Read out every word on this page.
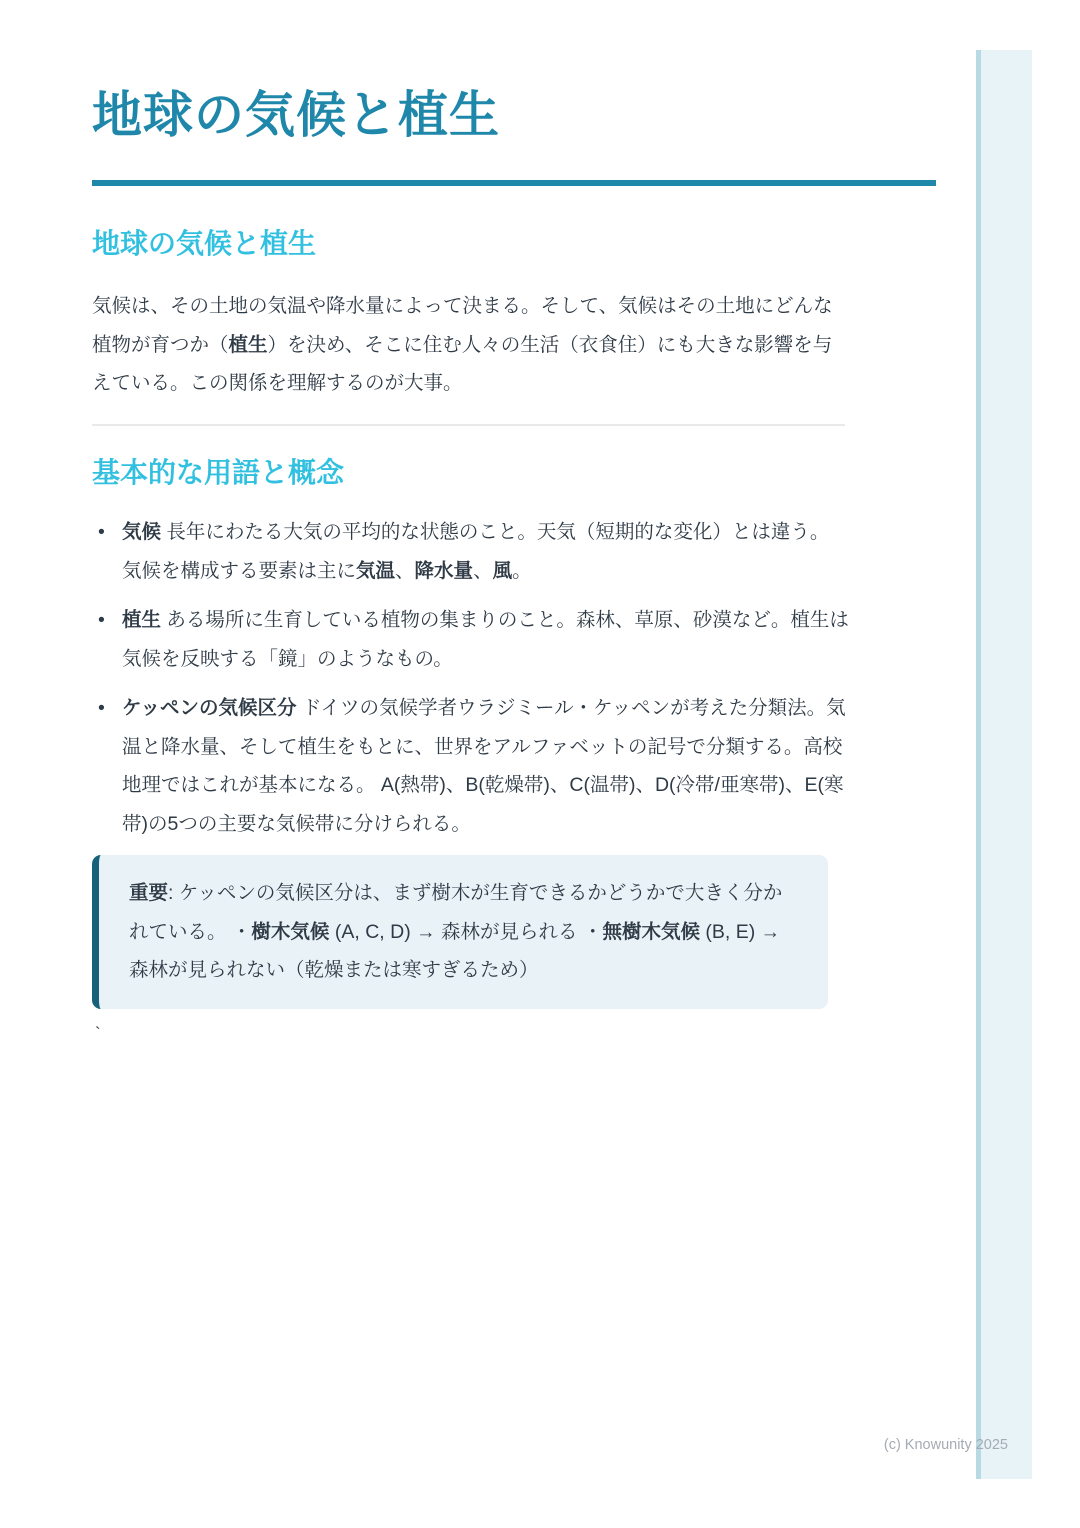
地球の気候と植生
地球の気候と植生

気候は、その土地の気温や降水量によって決まる。そして、気候はその土地にどんな植物が育つか（植生）を決め、そこに住む人々の生活（衣食住）にも大きな影響を与えている。この関係を理解するのが大事。

基本的な用語と概念
• 気候 長年にわたる大気の平均的な状態のこと。天気（短期的な変化）とは違う。 気候を構成する要素は主に気温、降水量、風。
• 植生 ある場所に生育している植物の集まりのこと。森林、草原、砂漠など。植生は気候を反映する「鏡」のようなもの。
• ケッペンの気候区分 ドイツの気候学者ウラジミール・ケッペンが考えた分類法。気温と降水量、そして植生をもとに、世界をアルファベットの記号で分類する。高校地理ではこれが基本になる。 A(熱帯)、B(乾燥帯)、C(温帯)、D(冷帯/亜寒帯)、E(寒帯)の5つの主要な気候帯に分けられる。

重要: ケッペンの気候区分は、まず樹木が生育できるかどうかで大きく分かれている。 ・樹木気候 (A, C, D) → 森林が見られる ・無樹木気候 (B, E) → 森林が見られない（乾燥または寒すぎるため）

`
(c) Knowunity 2025
